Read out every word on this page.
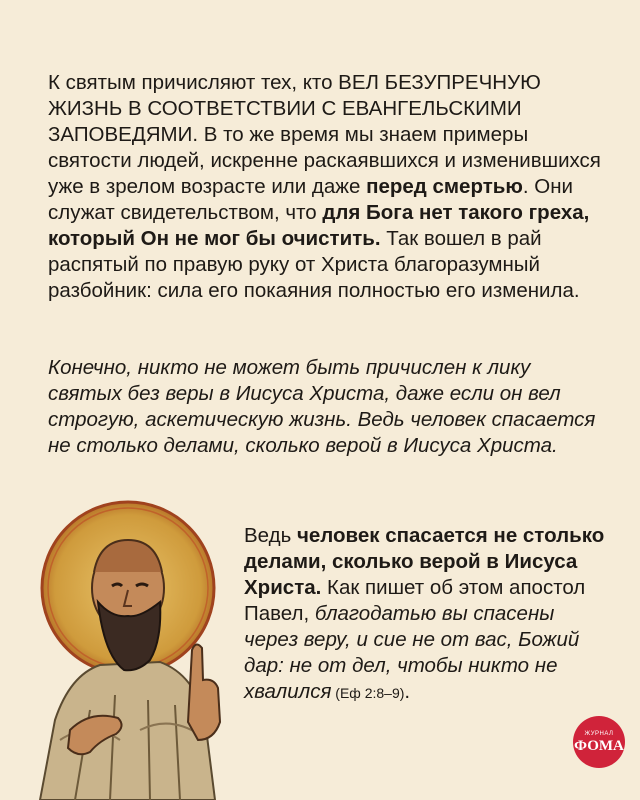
К святым причисляют тех, кто ВЕЛ БЕЗУПРЕЧНУЮ ЖИЗНЬ В СООТВЕТСТВИИ С ЕВАНГЕЛЬСКИМИ ЗАПОВЕДЯМИ. В то же время мы знаем примеры святости людей, искренне раскаявшихся и изменившихся уже в зрелом возрасте или даже перед смертью. Они служат свидетельством, что для Бога нет такого греха, который Он не мог бы очистить. Так вошел в рай распятый по правую руку от Христа благоразумный разбойник: сила его покаяния полностью его изменила.

Конечно, никто не может быть причислен к лику святых без веры в Иисуса Христа, даже если он вел строгую, аскетическую жизнь. Ведь человек спасается не столько делами, сколько верой в Иисуса Христа.

Ведь человек спасается не столько делами, сколько верой в Иисуса Христа. Как пишет об этом апостол Павел, благодатью вы спасены через веру, и сие не от вас, Божий дар: не от дел, чтобы никто не хвалился (Еф 2:8–9).

ЖУРНАЛ
ФОМА
